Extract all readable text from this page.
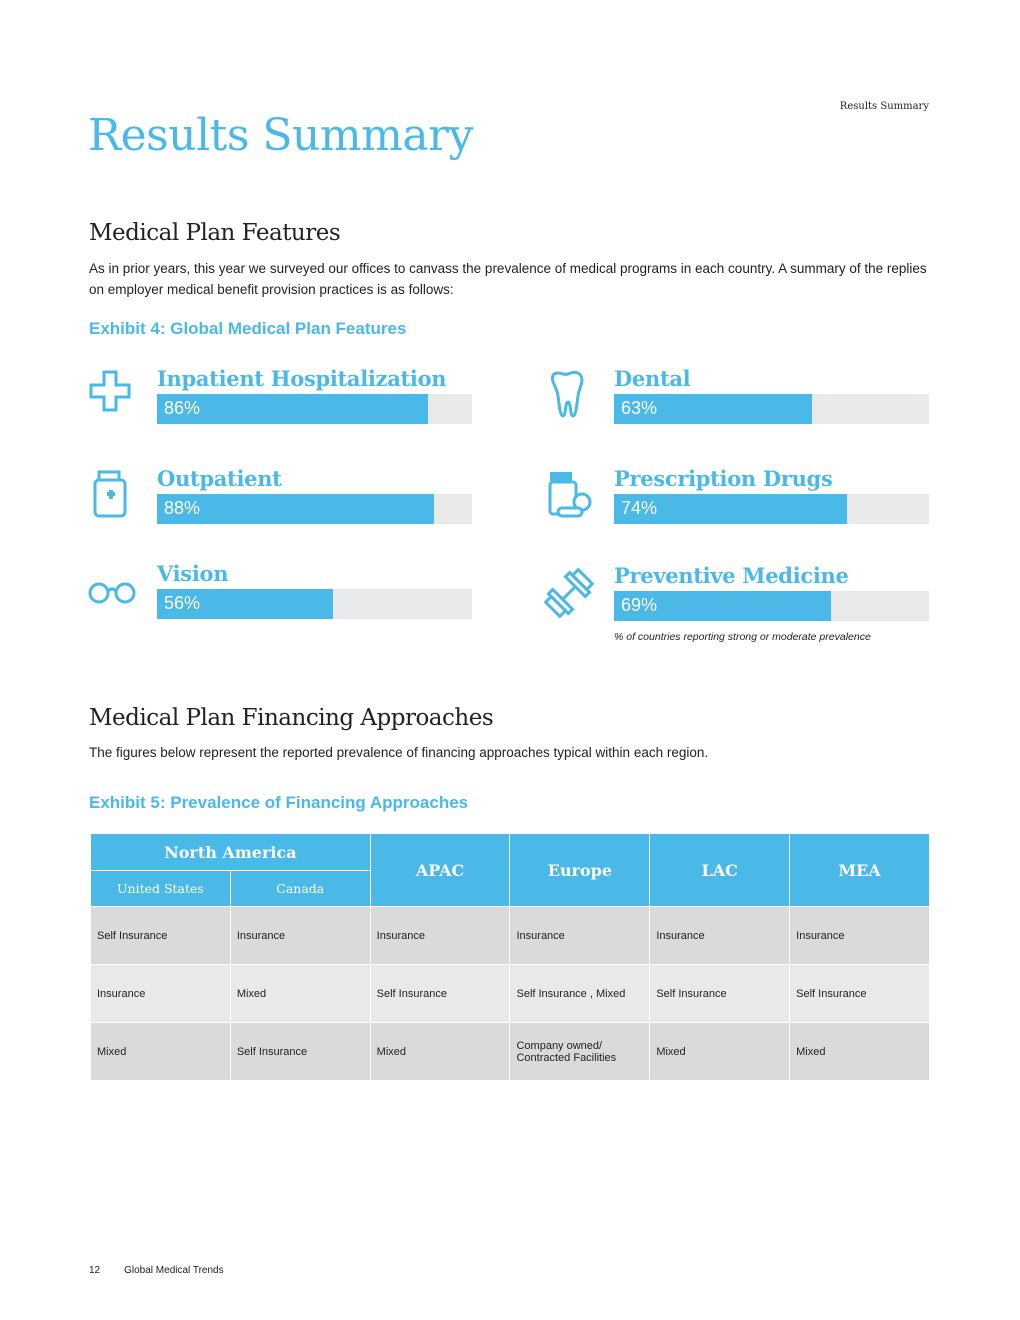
Results Summary
Results Summary
Medical Plan Features
As in prior years, this year we surveyed our offices to canvass the prevalence of medical programs in each country. A summary of the replies on employer medical benefit provision practices is as follows:
Exhibit 4: Global Medical Plan Features
Inpatient Hospitalization
86%
Dental
63%
Outpatient
88%
Prescription Drugs
74%
Vision
56%
Preventive Medicine
69%
% of countries reporting strong or moderate prevalence
Medical Plan Financing Approaches
The figures below represent the reported prevalence of financing approaches typical within each region.
Exhibit 5: Prevalence of Financing Approaches
North America		APAC	Europe	LAC	MEA
United States	Canada				
Self Insurance	Insurance	Insurance	Insurance	Insurance	Insurance
Insurance	Mixed	Self Insurance	Self Insurance , Mixed	Self Insurance	Self Insurance
Mixed	Self Insurance	Mixed	Company owned/ Contracted Facilities	Mixed	Mixed
12 Global Medical Trends
